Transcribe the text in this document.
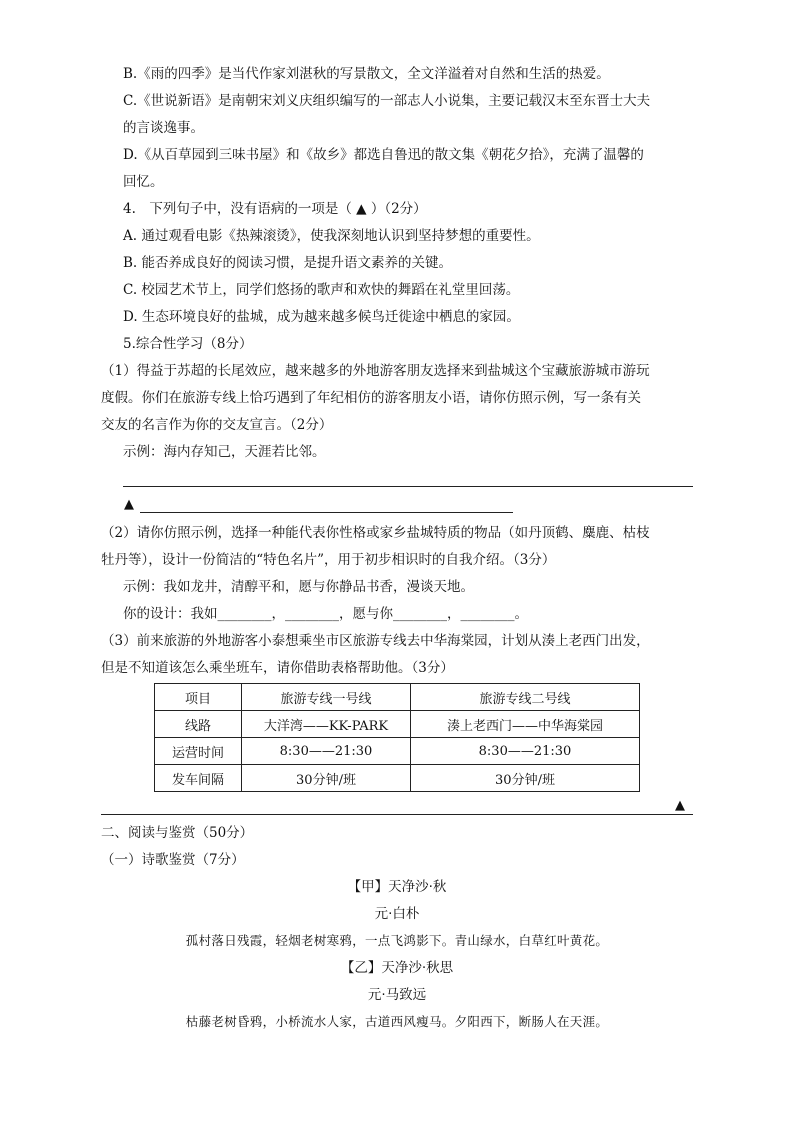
B.《雨的四季》是当代作家刘湛秋的写景散文，全文洋溢着对自然和生活的热爱。
C.《世说新语》是南朝宋刘义庆组织编写的一部志人小说集，主要记载汉末至东晋士大夫
的言谈逸事。
D.《从百草园到三味书屋》和《故乡》都选自鲁迅的散文集《朝花夕拾》，充满了温馨的
回忆。
4.　下列句子中，没有语病的一项是（ ▲ ）（2分）
A. 通过观看电影《热辣滚烫》，使我深刻地认识到坚持梦想的重要性。
B. 能否养成良好的阅读习惯，是提升语文素养的关键。
C. 校园艺术节上，同学们悠扬的歌声和欢快的舞蹈在礼堂里回荡。
D. 生态环境良好的盐城，成为越来越多候鸟迁徙途中栖息的家园。
5.综合性学习（8分）
（1）得益于苏超的长尾效应，越来越多的外地游客朋友选择来到盐城这个宝藏旅游城市游玩
度假。你们在旅游专线上恰巧遇到了年纪相仿的游客朋友小语，请你仿照示例，写一条有关
交友的名言作为你的交友宣言。（2分）
示例：海内存知己，天涯若比邻。
▲
（2）请你仿照示例，选择一种能代表你性格或家乡盐城特质的物品（如丹顶鹤、麋鹿、枯枝
牡丹等），设计一份简洁的“特色名片”，用于初步相识时的自我介绍。（3分）
示例：我如龙井，清醇平和，愿与你静品书香，漫谈天地。
你的设计：我如________，________，愿与你________，________。
（3）前来旅游的外地游客小泰想乘坐市区旅游专线去中华海棠园，计划从湊上老西门出发，
但是不知道该怎么乘坐班车，请你借助表格帮助他。（3分）
项目	旅游专线一号线	旅游专线二号线
线路	大洋湾——KK-PARK	湊上老西门——中华海棠园
运营时间	8:30——21:30	8:30——21:30
发车间隔	30分钟/班	30分钟/班
▲
二、阅读与鉴赏（50分）
（一）诗歌鉴赏（7分）
【甲】天净沙·秋
元·白朴
孤村落日残霞，轻烟老树寒鸦，一点飞鸿影下。青山绿水，白草红叶黄花。
【乙】天净沙·秋思
元·马致远
枯藤老树昏鸦，小桥流水人家，古道西风瘦马。夕阳西下，断肠人在天涯。
